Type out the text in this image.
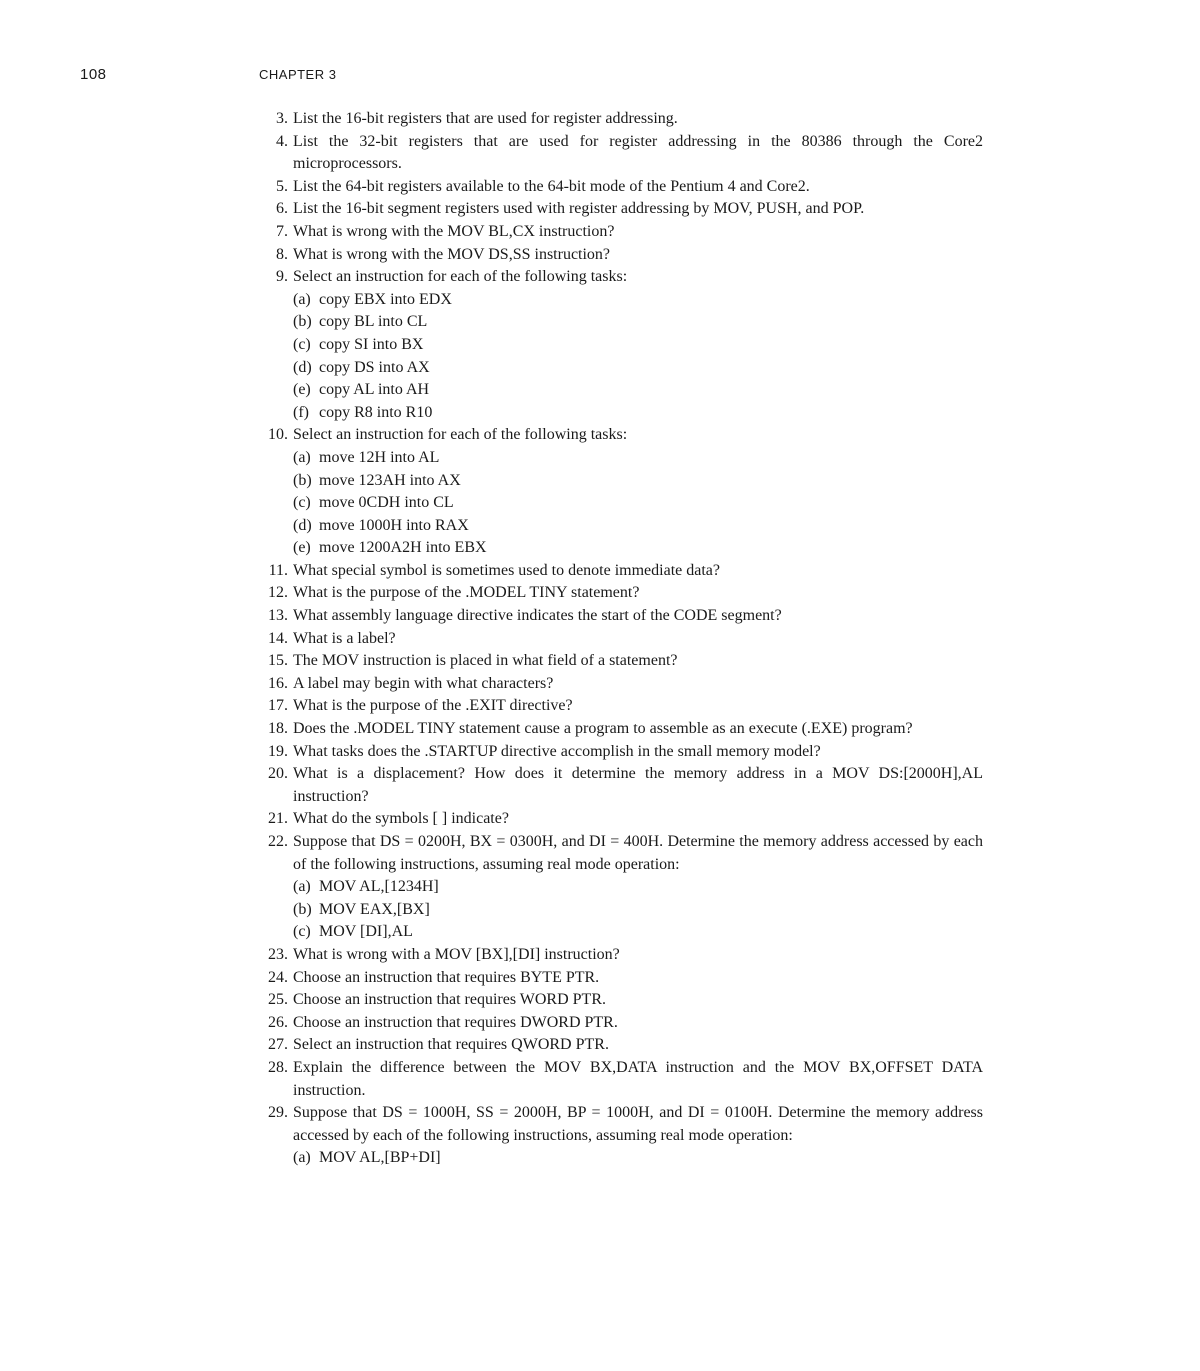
108	CHAPTER 3
3. List the 16-bit registers that are used for register addressing.
4. List the 32-bit registers that are used for register addressing in the 80386 through the Core2 microprocessors.
5. List the 64-bit registers available to the 64-bit mode of the Pentium 4 and Core2.
6. List the 16-bit segment registers used with register addressing by MOV, PUSH, and POP.
7. What is wrong with the MOV BL,CX instruction?
8. What is wrong with the MOV DS,SS instruction?
9. Select an instruction for each of the following tasks:
(a) copy EBX into EDX
(b) copy BL into CL
(c) copy SI into BX
(d) copy DS into AX
(e) copy AL into AH
(f) copy R8 into R10
10. Select an instruction for each of the following tasks:
(a) move 12H into AL
(b) move 123AH into AX
(c) move 0CDH into CL
(d) move 1000H into RAX
(e) move 1200A2H into EBX
11. What special symbol is sometimes used to denote immediate data?
12. What is the purpose of the .MODEL TINY statement?
13. What assembly language directive indicates the start of the CODE segment?
14. What is a label?
15. The MOV instruction is placed in what field of a statement?
16. A label may begin with what characters?
17. What is the purpose of the .EXIT directive?
18. Does the .MODEL TINY statement cause a program to assemble as an execute (.EXE) program?
19. What tasks does the .STARTUP directive accomplish in the small memory model?
20. What is a displacement? How does it determine the memory address in a MOV DS:[2000H],AL instruction?
21. What do the symbols [ ] indicate?
22. Suppose that DS = 0200H, BX = 0300H, and DI = 400H. Determine the memory address accessed by each of the following instructions, assuming real mode operation:
(a) MOV AL,[1234H]
(b) MOV EAX,[BX]
(c) MOV [DI],AL
23. What is wrong with a MOV [BX],[DI] instruction?
24. Choose an instruction that requires BYTE PTR.
25. Choose an instruction that requires WORD PTR.
26. Choose an instruction that requires DWORD PTR.
27. Select an instruction that requires QWORD PTR.
28. Explain the difference between the MOV BX,DATA instruction and the MOV BX,OFFSET DATA instruction.
29. Suppose that DS = 1000H, SS = 2000H, BP = 1000H, and DI = 0100H. Determine the memory address accessed by each of the following instructions, assuming real mode operation:
(a) MOV AL,[BP+DI]
